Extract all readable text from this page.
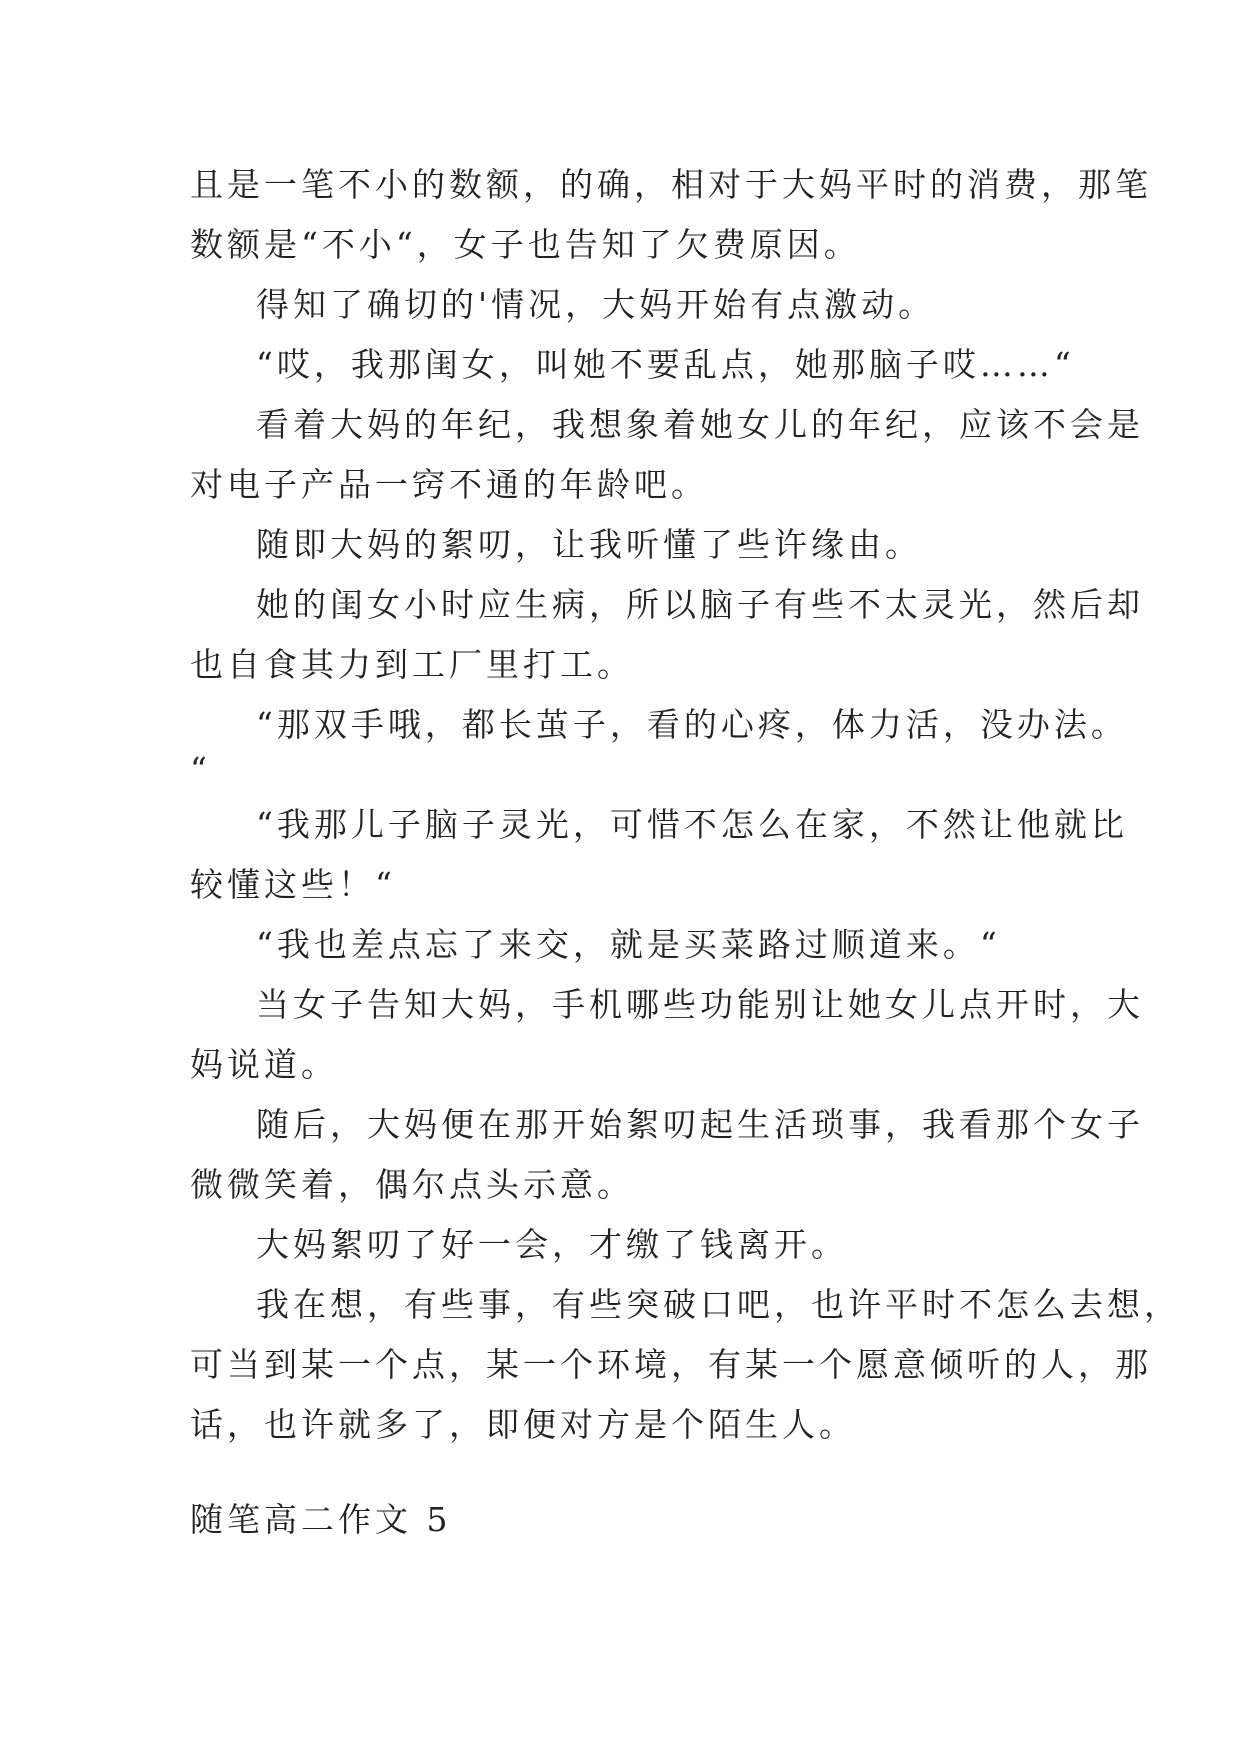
且是一笔不小的数额，的确，相对于大妈平时的消费，那笔
数额是“不小“，女子也告知了欠费原因。
得知了确切的'情况，大妈开始有点激动。
“哎，我那闺女，叫她不要乱点，她那脑子哎……“
看着大妈的年纪，我想象着她女儿的年纪，应该不会是
对电子产品一窍不通的年龄吧。
随即大妈的絮叨，让我听懂了些许缘由。
她的闺女小时应生病，所以脑子有些不太灵光，然后却
也自食其力到工厂里打工。
“那双手哦，都长茧子，看的心疼，体力活，没办法。
“
“我那儿子脑子灵光，可惜不怎么在家，不然让他就比
较懂这些！“
“我也差点忘了来交，就是买菜路过顺道来。“
当女子告知大妈，手机哪些功能别让她女儿点开时，大
妈说道。
随后，大妈便在那开始絮叨起生活琐事，我看那个女子
微微笑着，偶尔点头示意。
大妈絮叨了好一会，才缴了钱离开。
我在想，有些事，有些突破口吧，也许平时不怎么去想，
可当到某一个点，某一个环境，有某一个愿意倾听的人，那
话，也许就多了，即便对方是个陌生人。
随笔高二作文 5
